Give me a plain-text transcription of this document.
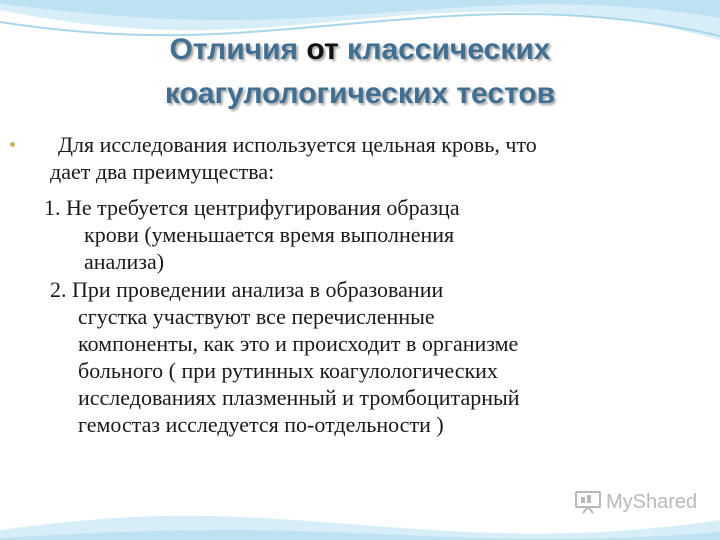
Отличия от классических
коагулологических тестов
Для исследования используется цельная кровь, что
дает два преимущества:
1. Не требуется центрифугирования образца
крови (уменьшается время выполнения
анализа)
2. При проведении анализа в образовании
сгустка участвуют все перечисленные
компоненты, как это и происходит в организме
больного ( при рутинных коагулологических
исследованиях плазменный и тромбоцитарный
гемостаз исследуется по-отдельности )
MyShared
